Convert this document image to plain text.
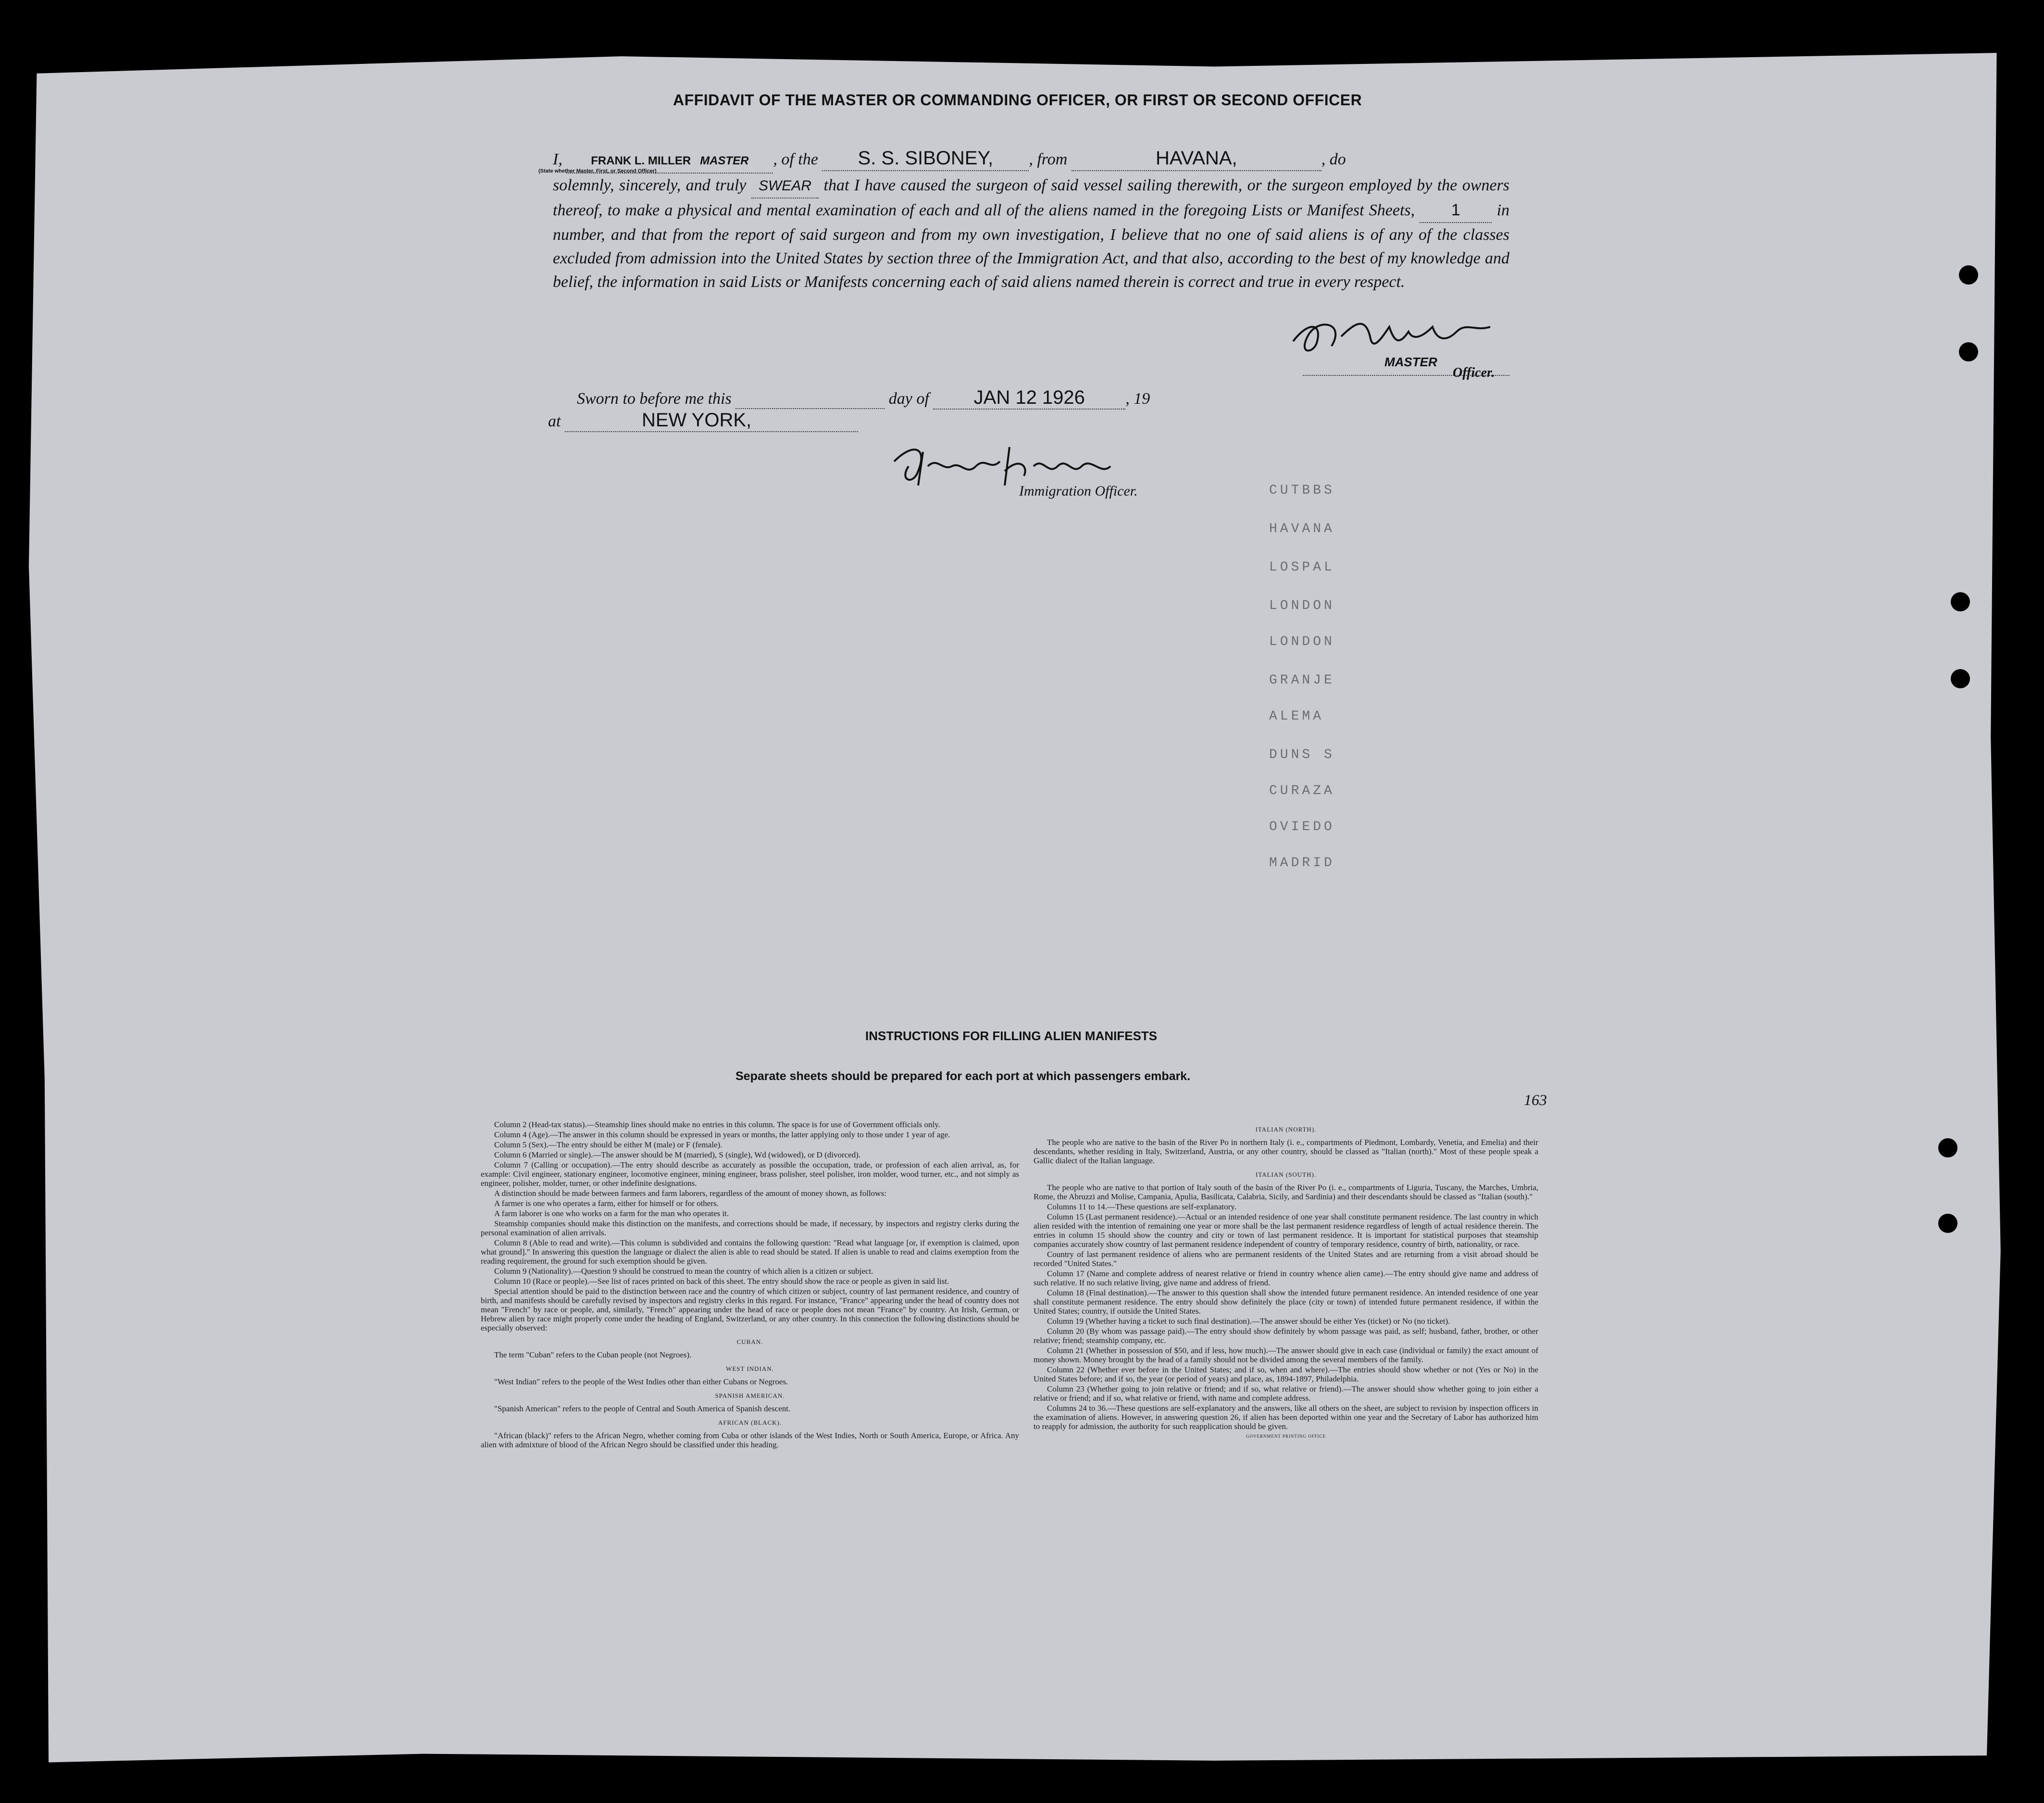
AFFIDAVIT OF THE MASTER OR COMMANDING OFFICER, OR FIRST OR SECOND OFFICER
I, FRANK L. MILLER MASTER , of the S. S. SIBONEY, , from	HAVANA,	, do
solemnly, sincerely, and truly SWEAR that I have caused the surgeon of said vessel sailing therewith, or the surgeon employed by the owners thereof, to make a physical and mental examination of each and all of the aliens named in the foregoing Lists or Manifest Sheets, 1 in number, and that from the report of said surgeon and from my own investigation, I believe that no one of said aliens is of any of the classes excluded from admission into the United States by section three of the Immigration Act, and that also, according to the best of my knowledge and belief, the information in said Lists or Manifests concerning each of said aliens named therein is correct and true in every respect.
(State whether Master, First, or Second Officer)
MASTER
Officer.
Sworn to before me this	day of JAN 12 1926 , 19
at	NEW YORK,
Immigration Officer.	CUTBBS
HAVANA
LOSPAL
LONDON
LONDON
GRANJE
ALEMA
DUNS S
CURAZA
OVIEDO
MADRID
INSTRUCTIONS FOR FILLING ALIEN MANIFESTS
Separate sheets should be prepared for each port at which passengers embark.
163

Column 2 (Head-tax status).—Steamship lines should make no entries in this column. The space is for use of Government officials only.

Column 4 (Age).—The answer in this column should be expressed in years or months, the latter applying only to those under 1 year of age.

Column 5 (Sex).—The entry should be either M (male) or F (female).

Column 6 (Married or single).—The answer should be M (married), S (single), Wd (widowed), or D (divorced).

Column 7 (Calling or occupation).—The entry should describe as accurately as possible the occupation, trade, or profession of each alien arrival, as, for example: Civil engineer, stationary engineer, locomotive engineer, mining engineer, brass polisher, steel polisher, iron molder, wood turner, etc., and not simply as engineer, polisher, molder, turner, or other indefinite designations.

A distinction should be made between farmers and farm laborers, regardless of the amount of money shown, as follows:

A farmer is one who operates a farm, either for himself or for others.

A farm laborer is one who works on a farm for the man who operates it.

Steamship companies should make this distinction on the manifests, and corrections should be made, if necessary, by inspectors and registry clerks during the personal examination of alien arrivals.

Column 8 (Able to read and write).—This column is subdivided and contains the following question: "Read what language [or, if exemption is claimed, upon what ground]." In answering this question the language or dialect the alien is able to read should be stated. If alien is unable to read and claims exemption from the reading requirement, the ground for such exemption should be given.

Column 9 (Nationality).—Question 9 should be construed to mean the country of which alien is a citizen or subject.

Column 10 (Race or people).—See list of races printed on back of this sheet. The entry should show the race or people as given in said list.

Special attention should be paid to the distinction between race and the country of which citizen or subject, country of last permanent residence, and country of birth, and manifests should be carefully revised by inspectors and registry clerks in this regard. For instance, "France" appearing under the head of country does not mean "French" by race or people, and, similarly, "French" appearing under the head of race or people does not mean "France" by country. An Irish, German, or Hebrew alien by race might properly come under the heading of England, Switzerland, or any other country. In this connection the following distinctions should be especially observed:

CUBAN.

The term "Cuban" refers to the Cuban people (not Negroes).

WEST INDIAN.

"West Indian" refers to the people of the West Indies other than either Cubans or Negroes.

SPANISH AMERICAN.

"Spanish American" refers to the people of Central and South America of Spanish descent.

AFRICAN (BLACK).

"African (black)" refers to the African Negro, whether coming from Cuba or other islands of the West Indies, North or South America, Europe, or Africa. Any alien with admixture of blood of the African Negro should be classified under this heading.

ITALIAN (NORTH).

The people who are native to the basin of the River Po in northern Italy (i. e., compartments of Piedmont, Lombardy, Venetia, and Emelia) and their descendants, whether residing in Italy, Switzerland, Austria, or any other country, should be classed as "Italian (north)." Most of these people speak a Gallic dialect of the Italian language.

ITALIAN (SOUTH).

The people who are native to that portion of Italy south of the basin of the River Po (i. e., compartments of Liguria, Tuscany, the Marches, Umbria, Rome, the Abruzzi and Molise, Campania, Apulia, Basilicata, Calabria, Sicily, and Sardinia) and their descendants should be classed as "Italian (south)."

Columns 11 to 14.—These questions are self-explanatory.

Column 15 (Last permanent residence).—Actual or an intended residence of one year shall constitute permanent residence. The last country in which alien resided with the intention of remaining one year or more shall be the last permanent residence regardless of length of actual residence therein. The entries in column 15 should show the country and city or town of last permanent residence. It is important for statistical purposes that steamship companies accurately show country of last permanent residence independent of country of temporary residence, country of birth, nationality, or race.

Country of last permanent residence of aliens who are permanent residents of the United States and are returning from a visit abroad should be recorded "United States."

Column 17 (Name and complete address of nearest relative or friend in country whence alien came).—The entry should give name and address of such relative. If no such relative living, give name and address of friend.

Column 18 (Final destination).—The answer to this question shall show the intended future permanent residence. An intended residence of one year shall constitute permanent residence. The entry should show definitely the place (city or town) of intended future permanent residence, if within the United States; country, if outside the United States.

Column 19 (Whether having a ticket to such final destination).—The answer should be either Yes (ticket) or No (no ticket).

Column 20 (By whom was passage paid).—The entry should show definitely by whom passage was paid, as self; husband, father, brother, or other relative; friend; steamship company, etc.

Column 21 (Whether in possession of $50, and if less, how much).—The answer should give in each case (individual or family) the exact amount of money shown. Money brought by the head of a family should not be divided among the several members of the family.

Column 22 (Whether ever before in the United States; and if so, when and where).—The entries should show whether or not (Yes or No) in the United States before; and if so, the year (or period of years) and place, as, 1894-1897, Philadelphia.

Column 23 (Whether going to join relative or friend; and if so, what relative or friend).—The answer should show whether going to join either a relative or friend; and if so, what relative or friend, with name and complete address.

Columns 24 to 36.—These questions are self-explanatory and the answers, like all others on the sheet, are subject to revision by inspection officers in the examination of aliens. However, in answering question 26, if alien has been deported within one year and the Secretary of Labor has authorized him to reapply for admission, the authority for such reapplication should be given.

GOVERNMENT PRINTING OFFICE
